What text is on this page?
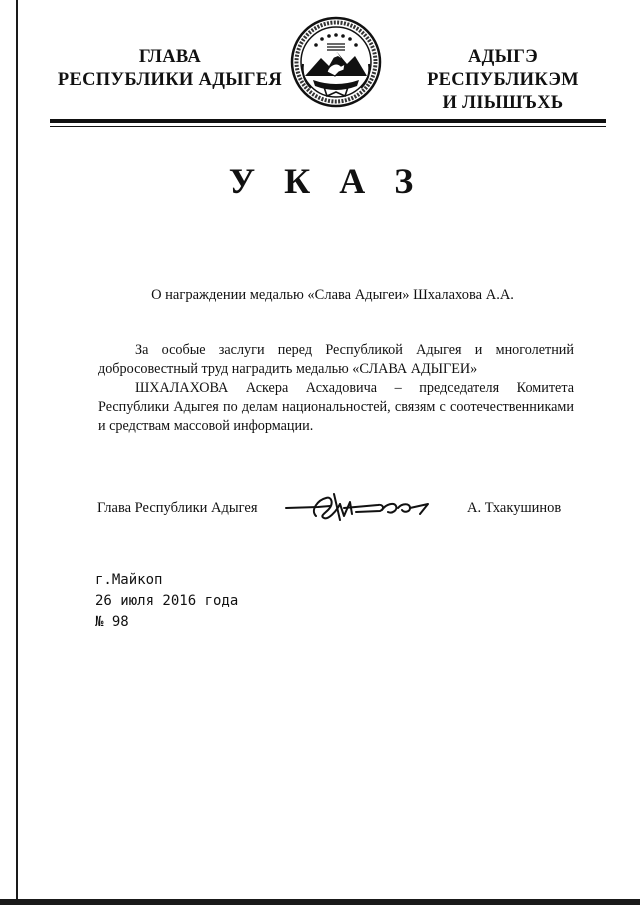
ГЛАВА
РЕСПУБЛИКИ АДЫГЕЯ
АДЫГЭ РЕСПУБЛИКЭМ
И ЛІЫШЪХЬ
У К А З
О награждении медалью «Слава Адыгеи» Шхалахова А.А.

За особые заслуги перед Республикой Адыгея и многолетний добросовестный труд наградить медалью «СЛАВА АДЫГЕИ»

ШХАЛАХОВА Аскера Асхадовича – председателя Комитета Республики Адыгея по делам национальностей, связям с соотечественниками и средствам массовой информации.

Глава Республики Адыгея	А. Тхакушинов
г.Майкоп
26 июля 2016 года
№ 98
